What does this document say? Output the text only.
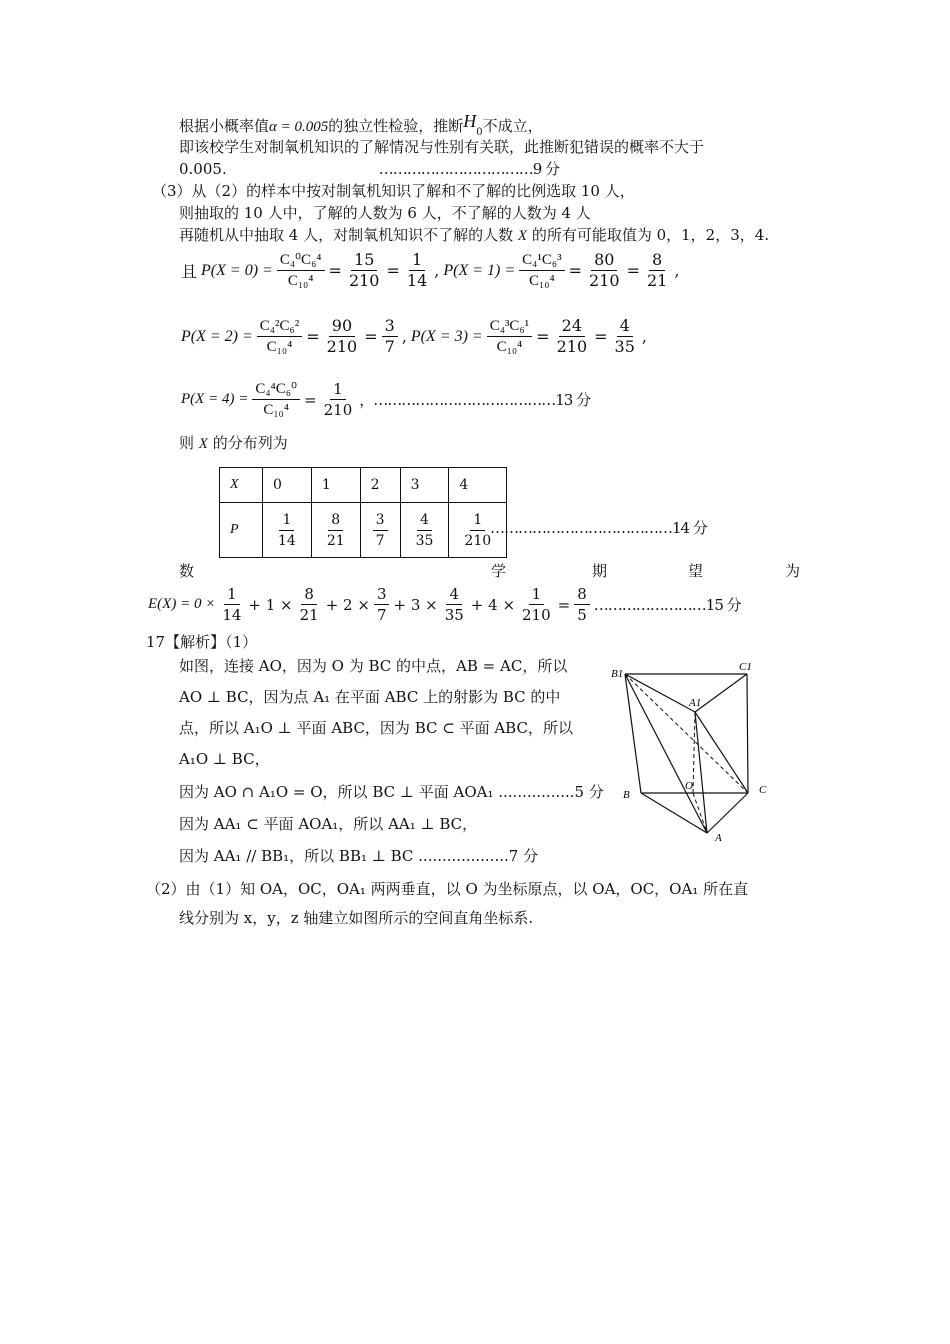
根据小概率值α = 0.005的独立性检验，推断$H_0$不成立，
即该校学生对制氧机知识的了解情况与性别有关联，此推断犯错误的概率不大于
0.005.	……………………………9 分
（3）从（2）的样本中按对制氧机知识了解和不了解的比例选取 10 人，
则抽取的 10 人中，了解的人数为 6 人，不了解的人数为 4 人
再随机从中抽取 4 人，对制氧机知识不了解的人数 X 的所有可能取值为 0，1，2，3，4.
且 $P(X = 0) = \frac{\text{C₄⁰C₆⁴}}{\text{C₁₀⁴}} = \frac{15}{210} = \frac{1}{14}$ , $P(X = 1) = \frac{\text{C₄¹C₆³}}{\text{C₁₀⁴}} = \frac{80}{210} = \frac{8}{21}$ ,
$P(X = 2) = \frac{\text{C₄²C₆²}}{\text{C₁₀⁴}} = \frac{90}{210} = \frac{3}{7}$ , $P(X = 3) = \frac{\text{C₄³C₆¹}}{\text{C₁₀⁴}} = \frac{24}{210} = \frac{4}{35}$ ,
$P(X = 4) = \frac{\text{C₄⁴C₆⁰}}{\text{C₁₀⁴}} = \frac{1}{210}$ ，…………………………………13 分
则 X 的分布列为
X	0	1	2	3	4
P	$\frac{1}{14}$	$\frac{8}{21}$	$\frac{3}{7}$	$\frac{4}{35}$	$\frac{1}{210}$
…………………………………14 分
数	学	期	望	为
$E(X) = 0 \times \frac{1}{14} + 1 \times \frac{8}{21} + 2 \times \frac{3}{7} + 3 \times \frac{4}{35} + 4 \times \frac{1}{210} = \frac{8}{5}$ ……………………15 分
17【解析】（1）
如图，连接 AO，因为 O 为 BC 的中点，AB = AC，所以
AO ⊥ BC，因为点 A₁ 在平面 ABC 上的射影为 BC 的中
点，所以 A₁O ⊥ 平面 ABC，因为 BC ⊂ 平面 ABC，所以
A₁O ⊥ BC，
因为 AO ∩ A₁O = O，所以 BC ⊥ 平面 AOA₁ ................5 分
因为 AA₁ ⊂ 平面 AOA₁，所以 AA₁ ⊥ BC，
因为 AA₁ // BB₁，所以 BB₁ ⊥ BC ...................7 分
（2）由（1）知 OA，OC，OA₁ 两两垂直，以 O 为坐标原点，以 OA，OC，OA₁ 所在直
线分别为 x，y，z 轴建立如图所示的空间直角坐标系.
B1
C1
A1
O
B	C
A
